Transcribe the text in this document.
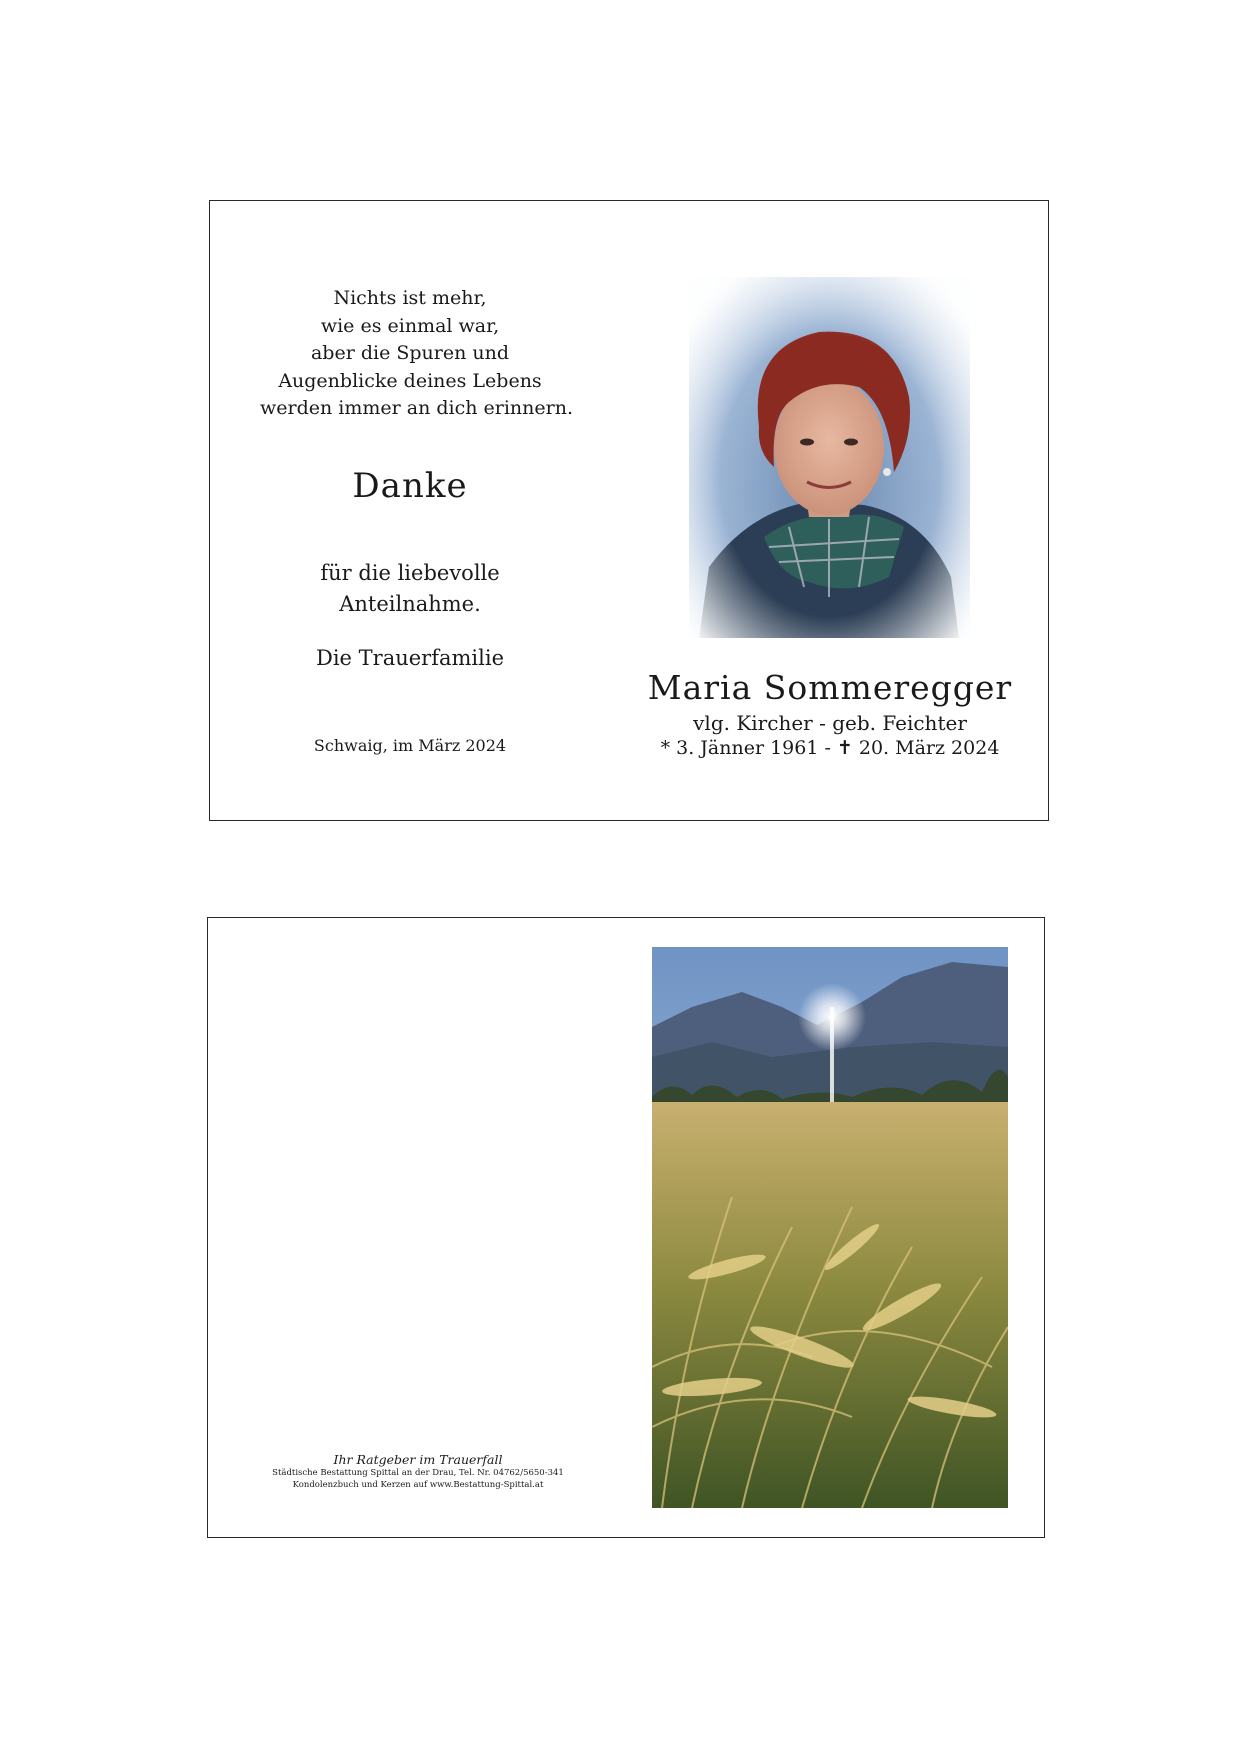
Nichts ist mehr,
wie es einmal war,
aber die Spuren und
Augenblicke deines Lebens
werden immer an dich erinnern.
Danke
für die liebevolle
Anteilnahme.
Die Trauerfamilie
Schwaig, im März 2024
Maria Sommeregger
vlg. Kircher - geb. Feichter
* 3. Jänner 1961 - ✝ 20. März 2024
Ihr Ratgeber im Trauerfall
Städtische Bestattung Spittal an der Drau, Tel. Nr. 04762/5650-341
Kondolenzbuch und Kerzen auf www.Bestattung-Spittal.at
